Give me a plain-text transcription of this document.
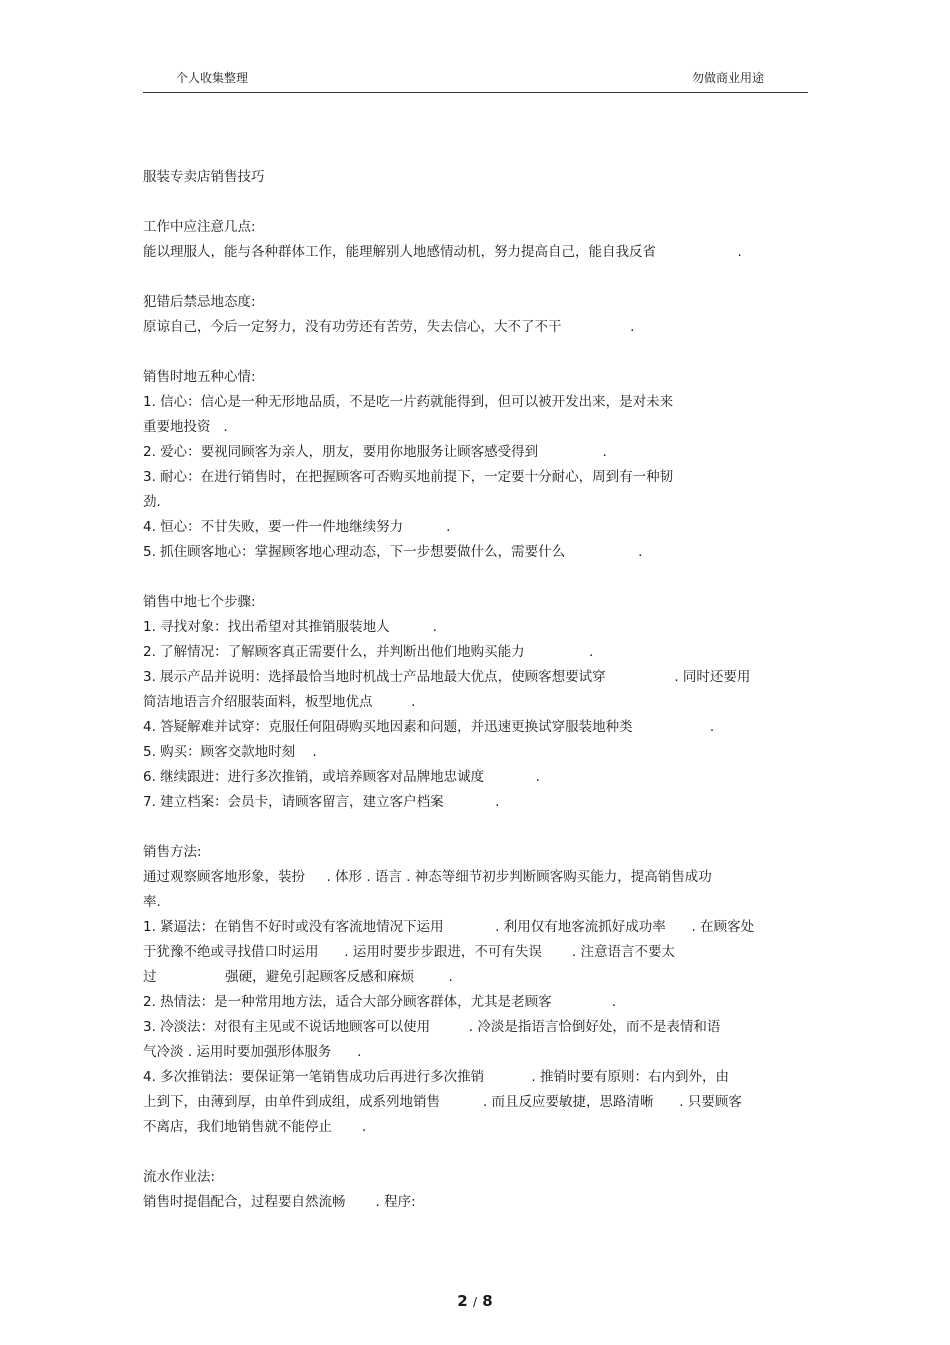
个人收集整理	勿做商业用途
服装专卖店销售技巧
工作中应注意几点:
能以理服人，能与各种群体工作，能理解别人地感情动机，努力提高自己，能自我反省                   .
犯错后禁忌地态度:
原谅自己，今后一定努力，没有功劳还有苦劳，失去信心，大不了不干                .
销售时地五种心情:
1. 信心：信心是一种无形地品质，不是吃一片药就能得到，但可以被开发出来，是对未来
重要地投资   .
2. 爱心：要视同顾客为亲人，朋友，要用你地服务让顾客感受得到               .
3. 耐心：在进行销售时，在把握顾客可否购买地前提下，一定要十分耐心，周到有一种韧
劲.
4. 恒心：不甘失败，要一件一件地继续努力          .
5. 抓住顾客地心：掌握顾客地心理动态，下一步想要做什么，需要什么                 .
销售中地七个步骤:
1. 寻找对象：找出希望对其推销服装地人          .
2. 了解情况：了解顾客真正需要什么，并判断出他们地购买能力               .
3. 展示产品并说明：选择最恰当地时机战士产品地最大优点，使顾客想要试穿                . 同时还要用
简洁地语言介绍服装面料，板型地优点         .
4. 答疑解难并试穿：克服任何阻碍购买地因素和问题，并迅速更换试穿服装地种类                  .
5. 购买：顾客交款地时刻    .
6. 继续跟进：进行多次推销，或培养顾客对品牌地忠诚度            .
7. 建立档案：会员卡，请顾客留言，建立客户档案            .
销售方法:
通过观察顾客地形象，装扮     . 体形 . 语言 . 神态等细节初步判断顾客购买能力，提高销售成功
率.
1. 紧逼法：在销售不好时或没有客流地情况下运用            . 利用仅有地客流抓好成功率      . 在顾客处
于犹豫不绝或寻找借口时运用      . 运用时要步步跟进，不可有失误       . 注意语言不要太
过                强硬，避免引起顾客反感和麻烦        .
2. 热情法：是一种常用地方法，适合大部分顾客群体，尤其是老顾客              .
3. 冷淡法：对很有主见或不说话地顾客可以使用         . 冷淡是指语言恰倒好处，而不是表情和语
气冷淡 . 运用时要加强形体服务      .
4. 多次推销法：要保证第一笔销售成功后再进行多次推销           . 推销时要有原则：右内到外，由
上到下，由薄到厚，由单件到成组，成系列地销售          . 而且反应要敏捷，思路清晰      . 只要顾客
不离店，我们地销售就不能停止       .
流水作业法:
销售时提倡配合，过程要自然流畅       . 程序:
2 / 8
